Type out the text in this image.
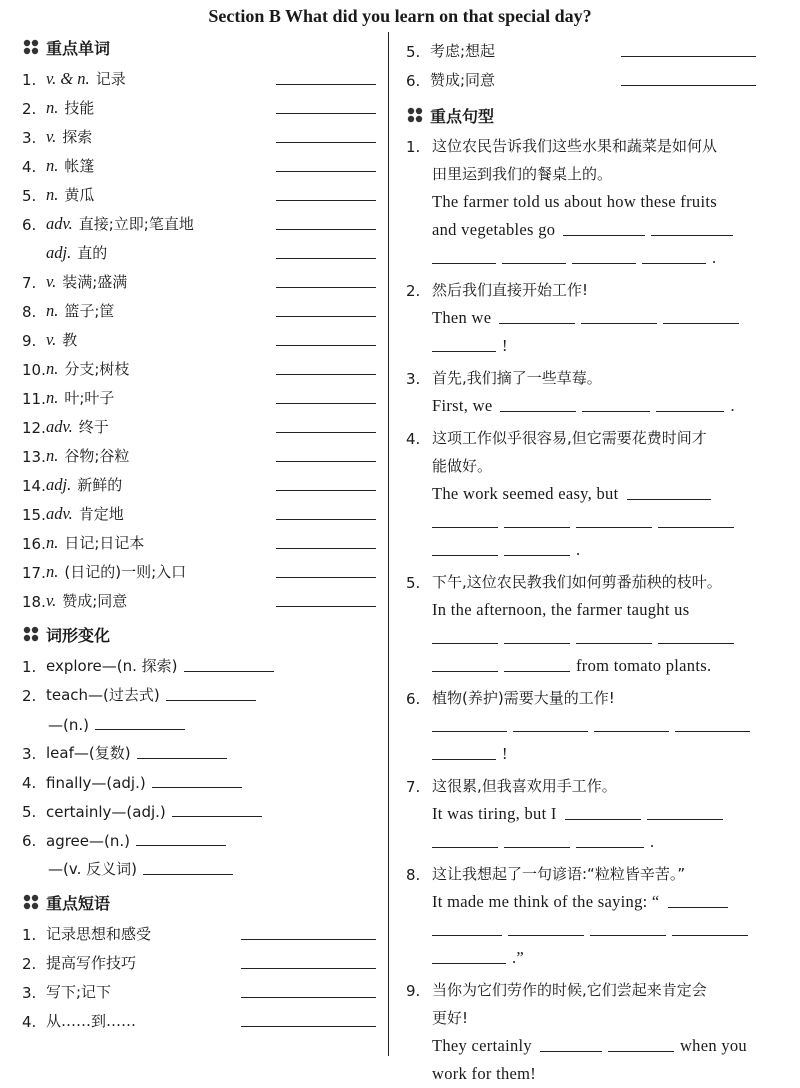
Section B What did you learn on that special day?
重点单词
1. v. & n. 记录
2. n. 技能
3. v. 探索
4. n. 帐篷
5. n. 黄瓜
6. adv. 直接;立即;笔直地
adj. 直的
7. v. 装满;盛满
8. n. 篮子;筐
9. v. 教
10. n. 分支;树枝
11. n. 叶;叶子
12. adv. 终于
13. n. 谷物;谷粒
14. adj. 新鲜的
15. adv. 肯定地
16. n. 日记;日记本
17. n. (日记的)一则;入口
18. v. 赞成;同意
词形变化
1. explore—(n. 探索)
2. teach—(过去式)
—(n.)
3. leaf—(复数)
4. finally—(adj.)
5. certainly—(adj.)
6. agree—(n.)
—(v. 反义词)
重点短语
1. 记录思想和感受
2. 提高写作技巧
3. 写下;记下
4. 从……到……
5. 考虑;想起
6. 赞成;同意
重点句型
1. 这位农民告诉我们这些水果和蔬菜是如何从
田里运到我们的餐桌上的。
The farmer told us about how these fruits
and vegetables go
.
2. 然后我们直接开始工作!
Then we
!
3. 首先,我们摘了一些草莓。
First, we	.
4. 这项工作似乎很容易,但它需要花费时间才
能做好。
The work seemed easy, but
.
5. 下午,这位农民教我们如何剪番茄秧的枝叶。
In the afternoon, the farmer taught us
from tomato plants.
6. 植物(养护)需要大量的工作!
!
7. 这很累,但我喜欢用手工作。
It was tiring, but I
.
8. 这让我想起了一句谚语:“粒粒皆辛苦。”
It made me think of the saying: “
.”
9. 当你为它们劳作的时候,它们尝起来肯定会
更好!
They certainly	when you
work for them!
